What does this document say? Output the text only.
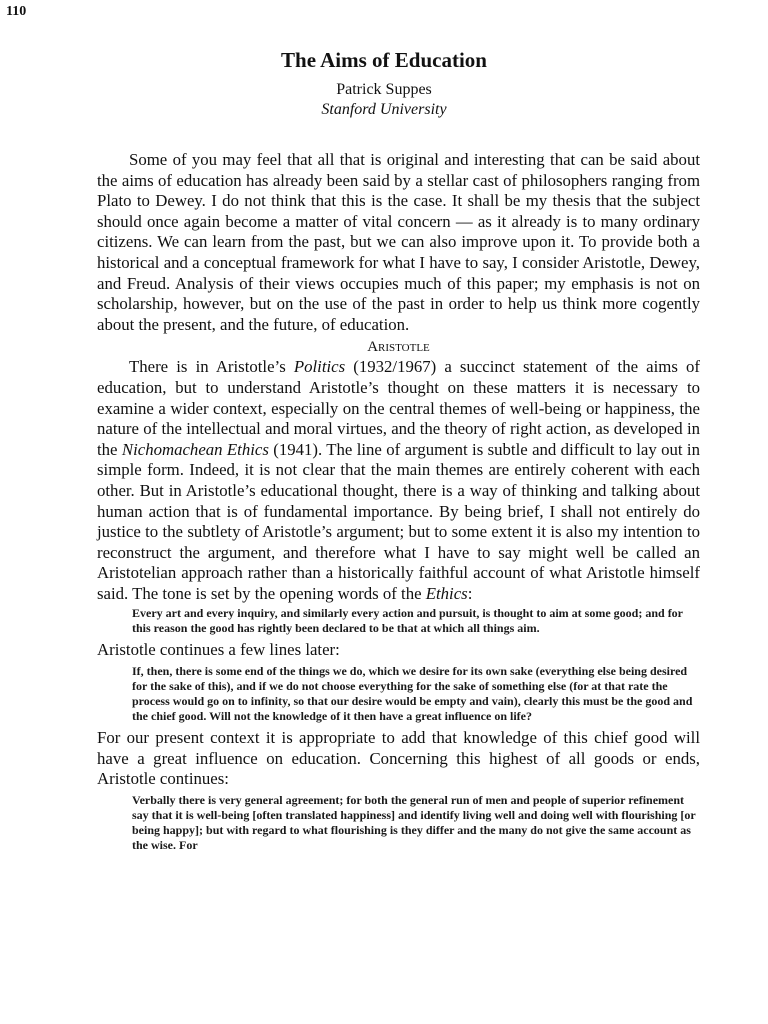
110
The Aims of Education
Patrick Suppes
Stanford University

Some of you may feel that all that is original and interesting that can be said about the aims of education has already been said by a stellar cast of philosophers ranging from Plato to Dewey. I do not think that this is the case. It shall be my thesis that the subject should once again become a matter of vital concern — as it already is to many ordinary citizens. We can learn from the past, but we can also improve upon it. To provide both a historical and a conceptual framework for what I have to say, I consider Aristotle, Dewey, and Freud. Analysis of their views occupies much of this paper; my emphasis is not on scholarship, however, but on the use of the past in order to help us think more cogently about the present, and the future, of education.

Aristotle

There is in Aristotle’s Politics (1932/1967) a succinct statement of the aims of education, but to understand Aristotle’s thought on these matters it is necessary to examine a wider context, especially on the central themes of well-being or happiness, the nature of the intellectual and moral virtues, and the theory of right action, as developed in the Nichomachean Ethics (1941). The line of argument is subtle and difficult to lay out in simple form. Indeed, it is not clear that the main themes are entirely coherent with each other. But in Aristotle’s educational thought, there is a way of thinking and talking about human action that is of fundamental importance. By being brief, I shall not entirely do justice to the subtlety of Aristotle’s argument; but to some extent it is also my intention to reconstruct the argument, and therefore what I have to say might well be called an Aristotelian approach rather than a historically faithful account of what Aristotle himself said. The tone is set by the opening words of the Ethics:

Every art and every inquiry, and similarly every action and pursuit, is thought to aim at some good; and for this reason the good has rightly been declared to be that at which all things aim.

Aristotle continues a few lines later:

If, then, there is some end of the things we do, which we desire for its own sake (everything else being desired for the sake of this), and if we do not choose everything for the sake of something else (for at that rate the process would go on to infinity, so that our desire would be empty and vain), clearly this must be the good and the chief good. Will not the knowledge of it then have a great influence on life?

For our present context it is appropriate to add that knowledge of this chief good will have a great influence on education. Concerning this highest of all goods or ends, Aristotle continues:

Verbally there is very general agreement; for both the general run of men and people of superior refinement say that it is well-being [often translated happiness] and identify living well and doing well with flourishing [or being happy]; but with regard to what flourishing is they differ and the many do not give the same account as the wise. For
